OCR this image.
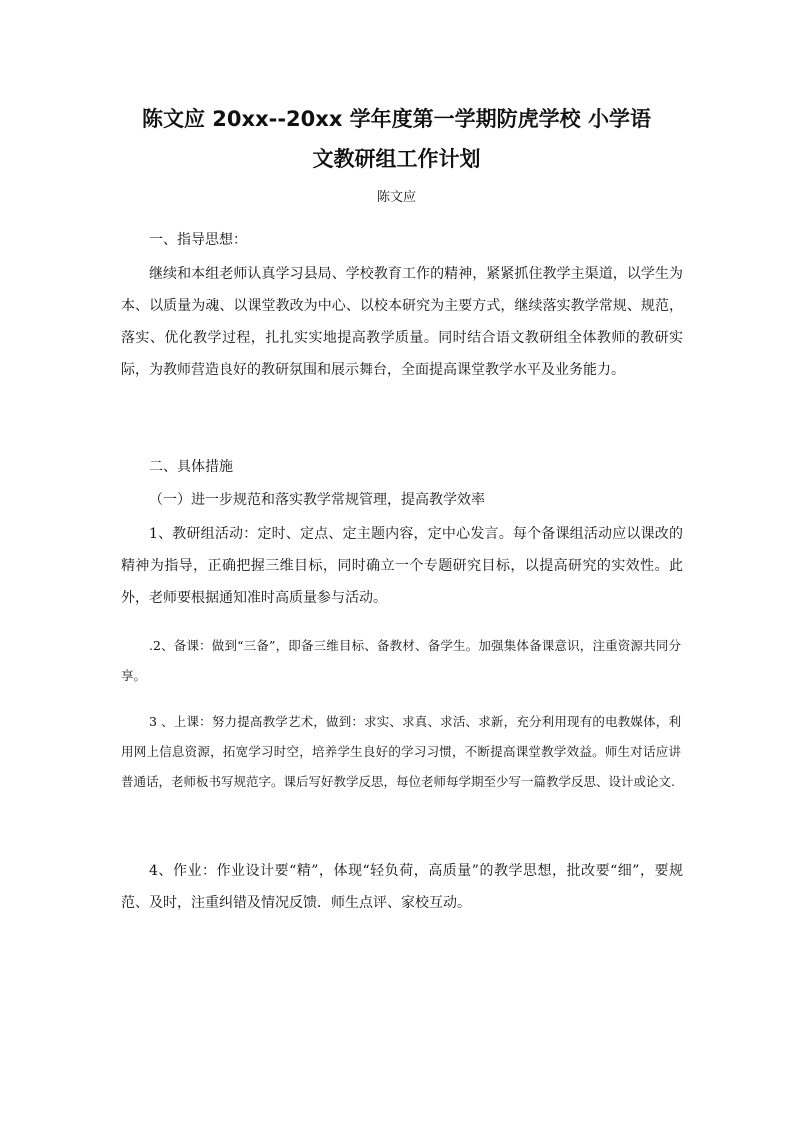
陈文应 20xx--20xx 学年度第一学期防虎学校 小学语
文教研组工作计划

陈文应

一、指导思想：

继续和本组老师认真学习县局、学校教育工作的精神，紧紧抓住教学主渠道，以学生为本、以质量为魂、以课堂教改为中心、以校本研究为主要方式，继续落实教学常规、规范，落实、优化教学过程，扎扎实实地提高教学质量。同时结合语文教研组全体教师的教研实际，为教师营造良好的教研氛围和展示舞台，全面提高课堂教学水平及业务能力。

二、具体措施

（一）进一步规范和落实教学常规管理，提高教学效率

1、教研组活动：定时、定点、定主题内容，定中心发言。每个备课组活动应以课改的精神为指导，正确把握三维目标，同时确立一个专题研究目标，以提高研究的实效性。此外，老师要根据通知准时高质量参与活动。

.2、备课：做到“三备”，即备三维目标、备教材、备学生。加强集体备课意识，注重资源共同分享。

3 、上课：努力提高教学艺术，做到：求实、求真、求活、求新，充分利用现有的电教媒体，利用网上信息资源，拓宽学习时空，培养学生良好的学习习惯，不断提高课堂教学效益。师生对话应讲普通话，老师板书写规范字。课后写好教学反思，每位老师每学期至少写一篇教学反思、设计或论文.

4、作业：作业设计要“精”，体现“轻负荷，高质量”的教学思想，批改要“细”，要规范、及时，注重纠错及情况反馈．师生点评、家校互动。
